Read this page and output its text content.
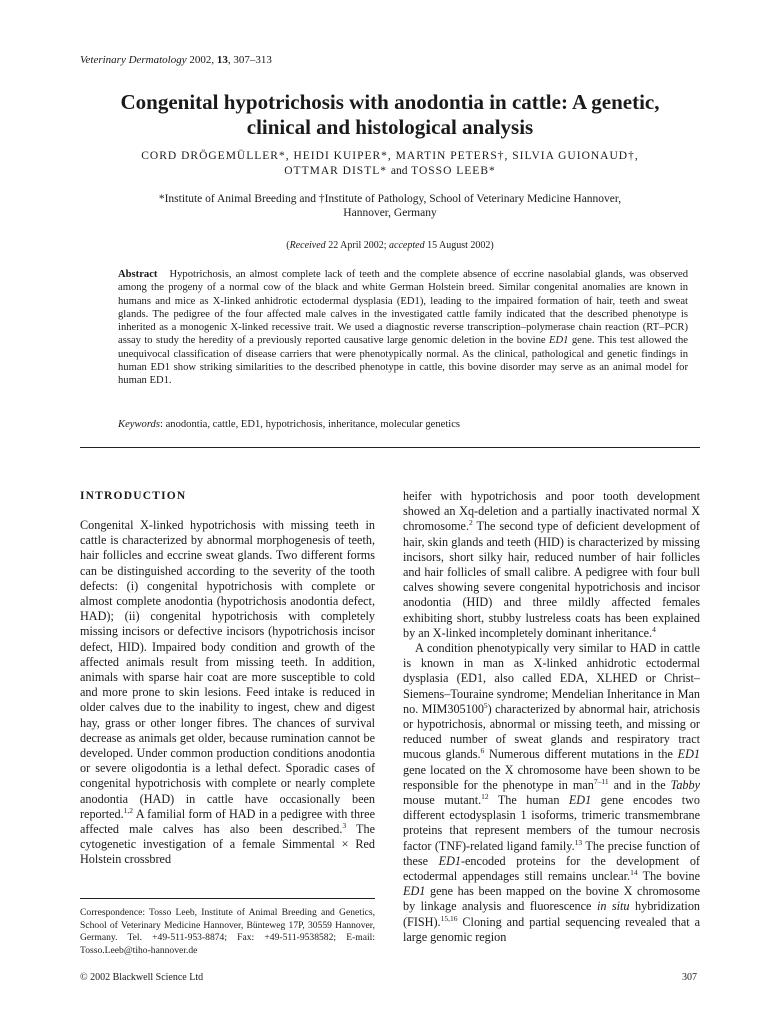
Veterinary Dermatology 2002, 13, 307–313
Congenital hypotrichosis with anodontia in cattle: A genetic,
clinical and histological analysis
CORD DRÖGEMÜLLER*, HEIDI KUIPER*, MARTIN PETERS†, SILVIA GUIONAUD†,
OTTMAR DISTL* and TOSSO LEEB*
*Institute of Animal Breeding and †Institute of Pathology, School of Veterinary Medicine Hannover,
Hannover, Germany
(Received 22 April 2002; accepted 15 August 2002)
Abstract Hypotrichosis, an almost complete lack of teeth and the complete absence of eccrine nasolabial glands, was observed among the progeny of a normal cow of the black and white German Holstein breed. Similar congenital anomalies are known in humans and mice as X-linked anhidrotic ectodermal dysplasia (ED1), leading to the impaired formation of hair, teeth and sweat glands. The pedigree of the four affected male calves in the investigated cattle family indicated that the described phenotype is inherited as a monogenic X-linked recessive trait. We used a diagnostic reverse transcription–polymerase chain reaction (RT–PCR) assay to study the heredity of a previously reported causative large genomic deletion in the bovine ED1 gene. This test allowed the unequivocal classification of disease carriers that were phenotypically normal. As the clinical, pathological and genetic findings in human ED1 show striking similarities to the described phenotype in cattle, this bovine disorder may serve as an animal model for human ED1.
Keywords: anodontia, cattle, ED1, hypotrichosis, inheritance, molecular genetics
INTRODUCTION

Congenital X-linked hypotrichosis with missing teeth in cattle is characterized by abnormal morphogenesis of teeth, hair follicles and eccrine sweat glands. Two different forms can be distinguished according to the severity of the tooth defects: (i) congenital hypotrichosis with complete or almost complete anodontia (hypotrichosis anodontia defect, HAD); (ii) congenital hypotrichosis with completely missing incisors or defective incisors (hypotrichosis incisor defect, HID). Impaired body condition and growth of the affected animals result from missing teeth. In addition, animals with sparse hair coat are more susceptible to cold and more prone to skin lesions. Feed intake is reduced in older calves due to the inability to ingest, chew and digest hay, grass or other longer fibres. The chances of survival decrease as animals get older, because rumination cannot be developed. Under common production conditions anodontia or severe oligodontia is a lethal defect. Sporadic cases of congenital hypotrichosis with complete or nearly complete anodontia (HAD) in cattle have occasionally been reported.$^{1,2}$ A familial form of HAD in a pedigree with three affected male calves has also been described.$^3$ The cytogenetic investigation of a female Simmental × Red Holstein crossbred

heifer with hypotrichosis and poor tooth development showed an Xq-deletion and a partially inactivated normal X chromosome.$^2$ The second type of deficient development of hair, skin glands and teeth (HID) is characterized by missing incisors, short silky hair, reduced number of hair follicles and hair follicles of small calibre. A pedigree with four bull calves showing severe congenital hypotrichosis and incisor anodontia (HID) and three mildly affected females exhibiting short, stubby lustreless coats has been explained by an X-linked incompletely dominant inheritance.$^4$

A condition phenotypically very similar to HAD in cattle is known in man as X-linked anhidrotic ectodermal dysplasia (ED1, also called EDA, XLHED or Christ–Siemens–Touraine syndrome; Mendelian Inheritance in Man no. MIM305100$^5$) characterized by abnormal hair, atrichosis or hypotrichosis, abnormal or missing teeth, and missing or reduced number of sweat glands and respiratory tract mucous glands.$^6$ Numerous different mutations in the ED1 gene located on the X chromosome have been shown to be responsible for the phenotype in man$^{7-11}$ and in the Tabby mouse mutant.$^{12}$ The human ED1 gene encodes two different ectodysplasin 1 isoforms, trimeric transmembrane proteins that represent members of the tumour necrosis factor (TNF)-related ligand family.$^{13}$ The precise function of these ED1-encoded proteins for the development of ectodermal appendages still remains unclear.$^{14}$ The bovine ED1 gene has been mapped on the bovine X chromosome by linkage analysis and fluorescence in situ hybridization (FISH).$^{15,16}$ Cloning and partial sequencing revealed that a large genomic region

Correspondence: Tosso Leeb, Institute of Animal Breeding and Genetics, School of Veterinary Medicine Hannover, Bünteweg 17P, 30559 Hannover, Germany. Tel. +49-511-953-8874; Fax: +49-511-9538582; E-mail: Tosso.Leeb@tiho-hannover.de
© 2002 Blackwell Science Ltd	307
